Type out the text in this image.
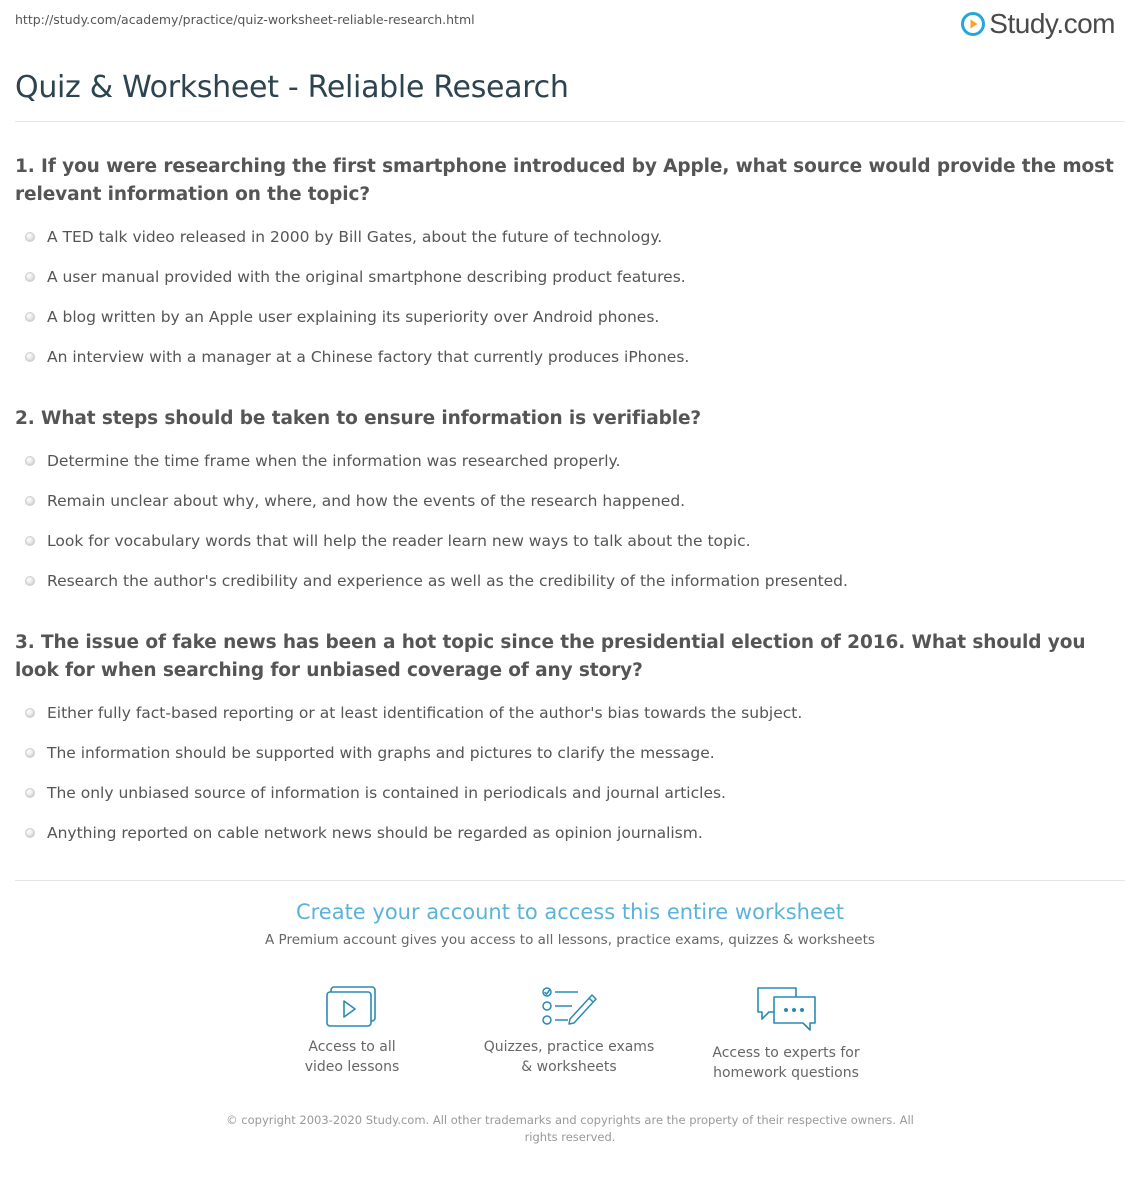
http://study.com/academy/practice/quiz-worksheet-reliable-research.html	Study.com
Quiz & Worksheet - Reliable Research

1. If you were researching the first smartphone introduced by Apple, what source would provide the most relevant information on the topic?

A TED talk video released in 2000 by Bill Gates, about the future of technology.
A user manual provided with the original smartphone describing product features.
A blog written by an Apple user explaining its superiority over Android phones.
An interview with a manager at a Chinese factory that currently produces iPhones.

2. What steps should be taken to ensure information is verifiable?

Determine the time frame when the information was researched properly.
Remain unclear about why, where, and how the events of the research happened.
Look for vocabulary words that will help the reader learn new ways to talk about the topic.
Research the author's credibility and experience as well as the credibility of the information presented.

3. The issue of fake news has been a hot topic since the presidential election of 2016. What should you look for when searching for unbiased coverage of any story?

Either fully fact-based reporting or at least identification of the author's bias towards the subject.
The information should be supported with graphs and pictures to clarify the message.
The only unbiased source of information is contained in periodicals and journal articles.
Anything reported on cable network news should be regarded as opinion journalism.
Create your account to access this entire worksheet

A Premium account gives you access to all lessons, practice exams, quizzes & worksheets

Access to all
video lessons
Quizzes, practice exams
& worksheets
Access to experts for
homework questions
© copyright 2003-2020 Study.com. All other trademarks and copyrights are the property of their respective owners. All rights reserved.
